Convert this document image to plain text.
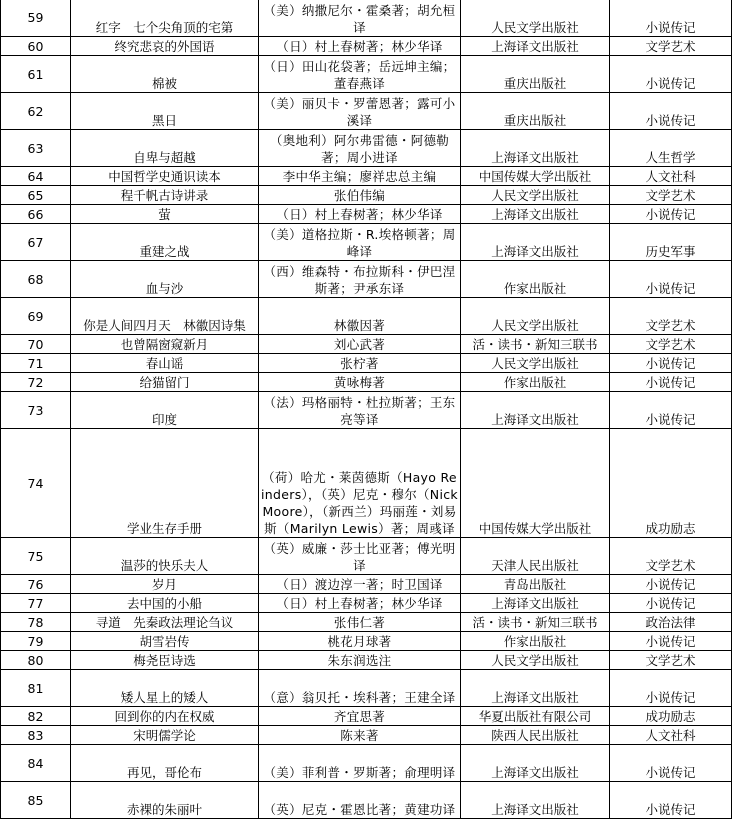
59	红字　七个尖角顶的宅第	（美）纳撒尼尔・霍桑著；胡允桓译	人民文学出版社	小说传记
60	终究悲哀的外国语	（日）村上春树著；林少华译	上海译文出版社	文学艺术
61	棉被	（日）田山花袋著；岳远坤主编；董春燕译	重庆出版社	小说传记
62	黑日	（美）丽贝卡・罗蕾恩著；露可小溪译	重庆出版社	小说传记
63	自卑与超越	（奥地利）阿尔弗雷德・阿德勒著；周小进译	上海译文出版社	人生哲学
64	中国哲学史通识读本	李中华主编；廖祥忠总主编	中国传媒大学出版社	人文社科
65	程千帆古诗讲录	张伯伟编	人民文学出版社	文学艺术
66	萤	（日）村上春树著；林少华译	上海译文出版社	小说传记
67	重建之战	（美）道格拉斯・R.埃格顿著；周峰译	上海译文出版社	历史军事
68	血与沙	（西）维森特・布拉斯科・伊巴涅斯著；尹承东译	作家出版社	小说传记
69	你是人间四月天　林徽因诗集	林徽因著	人民文学出版社	文学艺术
70	也曾隔窗窥新月	刘心武著	活・读书・新知三联书	文学艺术
71	春山谣	张柠著	人民文学出版社	小说传记
72	给猫留门	黄咏梅著	作家出版社	小说传记
73	印度	（法）玛格丽特・杜拉斯著；王东亮等译	上海译文出版社	小说传记
74	学业生存手册	（荷）哈尤・莱茵德斯（Hayo Reinders），（英）尼克・穆尔（Nick Moore），（新西兰）玛丽莲・刘易斯（Marilyn Lewis）著；周彧译	中国传媒大学出版社	成功励志
75	温莎的快乐夫人	（英）威廉・莎士比亚著；傅光明译	天津人民出版社	文学艺术
76	岁月	（日）渡边淳一著；时卫国译	青岛出版社	小说传记
77	去中国的小船	（日）村上春树著；林少华译	上海译文出版社	小说传记
78	寻道　先秦政法理论刍议	张伟仁著	活・读书・新知三联书	政治法律
79	胡雪岩传	桃花月球著	作家出版社	小说传记
80	梅尧臣诗选	朱东润选注	人民文学出版社	文学艺术
81	矮人星上的矮人	（意）翁贝托・埃科著；王建全译	上海译文出版社	小说传记
82	回到你的内在权威	齐宜思著	华夏出版社有限公司	成功励志
83	宋明儒学论	陈来著	陕西人民出版社	人文社科
84	再见，哥伦布	（美）菲利普・罗斯著；俞理明译	上海译文出版社	小说传记
85	赤裸的朱丽叶	（英）尼克・霍恩比著；黄建功译	上海译文出版社	小说传记
